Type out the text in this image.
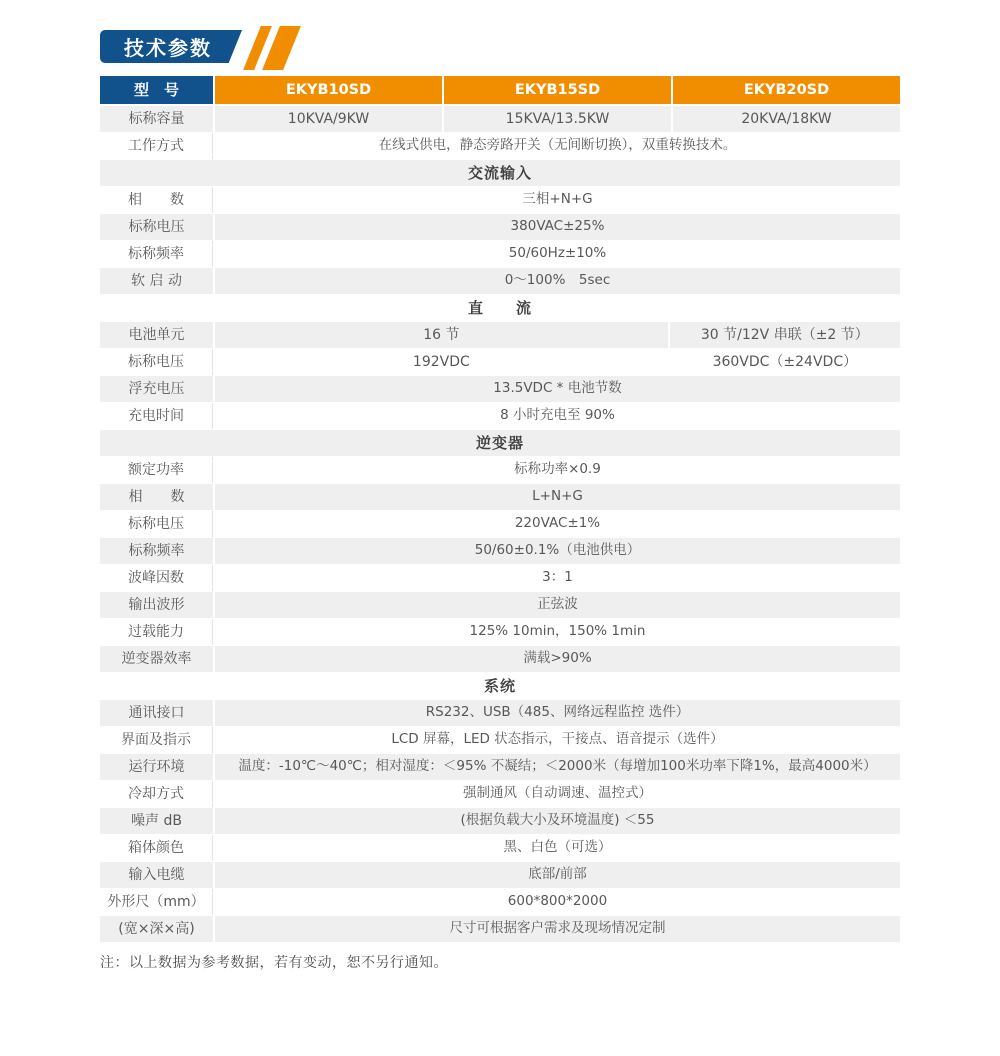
技术参数
型　号	EKYB10SD	EKYB15SD	EKYB20SD
标称容量	10KVA/9KW	15KVA/13.5KW	20KVA/18KW
工作方式	在线式供电，静态旁路开关（无间断切换），双重转换技术。
交流输入
相　　数	三相+N+G
标称电压	380VAC±25%
标称频率	50/60Hz±10%
软 启 动	0～100%　5sec
直　　流
电池单元	16 节	30 节/12V 串联（±2 节）
标称电压	192VDC	360VDC（±24VDC）
浮充电压	13.5VDC * 电池节数
充电时间	8 小时充电至 90%
逆变器
额定功率	标称功率×0.9
相　　数	L+N+G
标称电压	220VAC±1%
标称频率	50/60±0.1%（电池供电）
波峰因数	3：1
输出波形	正弦波
过载能力	125% 10min，150% 1min
逆变器效率	满载>90%
系统
通讯接口	RS232、USB（485、网络远程监控 选件）
界面及指示	LCD 屏幕，LED 状态指示，干接点、语音提示（选件）
运行环境	温度：-10℃～40℃；相对湿度：＜95% 不凝结；＜2000米（每增加100米功率下降1%，最高4000米）
冷却方式	强制通风（自动调速、温控式）
噪声 dB	(根据负载大小及环境温度) ＜55
箱体颜色	黑、白色（可选）
输入电缆	底部/前部
外形尺（mm）	600*800*2000
(宽×深×高)	尺寸可根据客户需求及现场情况定制

注：以上数据为参考数据，若有变动，恕不另行通知。
